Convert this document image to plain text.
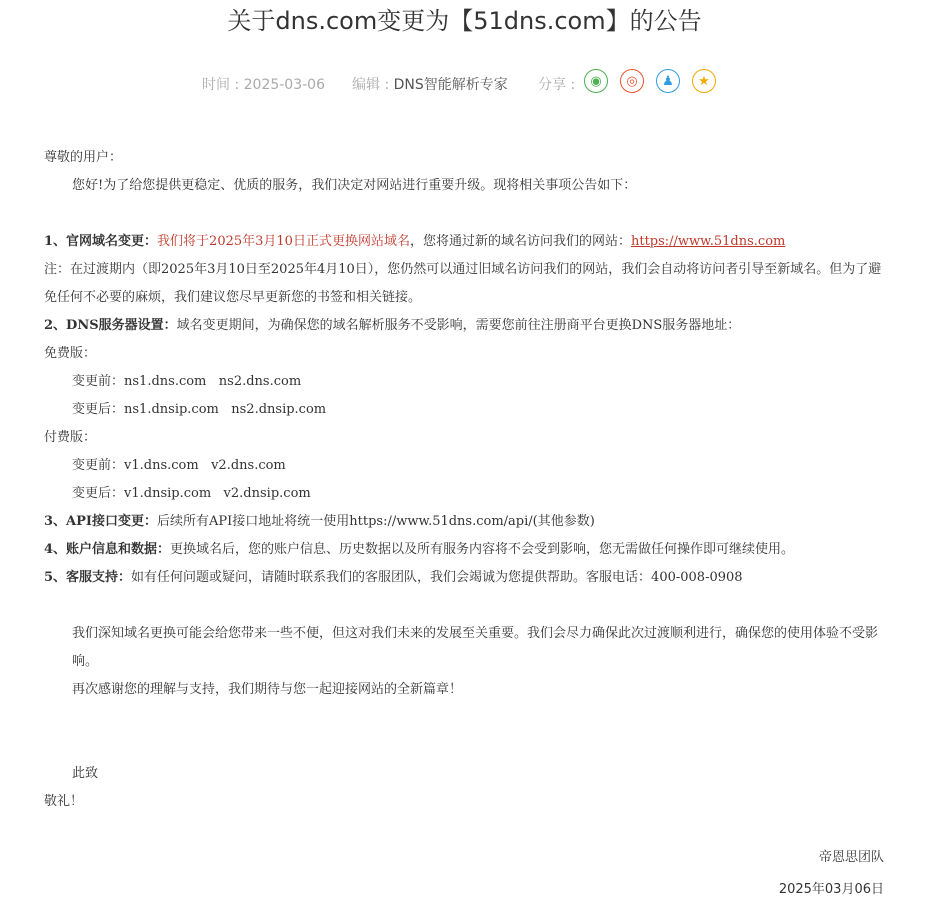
关于dns.com变更为【51dns.com】的公告
时间 : 2025-03-06 编辑 : DNS智能解析专家 分享 :	◉	◎	♟	★

尊敬的用户：

您好!为了给您提供更稳定、优质的服务，我们决定对网站进行重要升级。现将相关事项公告如下：

1、官网域名变更：我们将于2025年3月10日正式更换网站域名，您将通过新的域名访问我们的网站：https://www.51dns.com

注：在过渡期内（即2025年3月10日至2025年4月10日），您仍然可以通过旧域名访问我们的网站，我们会自动将访问者引导至新域名。但为了避免任何不必要的麻烦，我们建议您尽早更新您的书签和相关链接。

2、DNS服务器设置：域名变更期间，为确保您的域名解析服务不受影响，需要您前往注册商平台更换DNS服务器地址：

免费版：

变更前：ns1.dns.com   ns2.dns.com

变更后：ns1.dnsip.com   ns2.dnsip.com

付费版：

变更前：v1.dns.com   v2.dns.com

变更后：v1.dnsip.com   v2.dnsip.com

3、API接口变更：后续所有API接口地址将统一使用https://www.51dns.com/api/(其他参数)

4、账户信息和数据：更换域名后，您的账户信息、历史数据以及所有服务内容将不会受到影响，您无需做任何操作即可继续使用。

5、客服支持：如有任何问题或疑问，请随时联系我们的客服团队，我们会竭诚为您提供帮助。客服电话：400-008-0908

我们深知域名更换可能会给您带来一些不便，但这对我们未来的发展至关重要。我们会尽力确保此次过渡顺利进行，确保您的使用体验不受影响。

再次感谢您的理解与支持，我们期待与您一起迎接网站的全新篇章！

此致

敬礼！

帝恩思团队
2025年03月06日
